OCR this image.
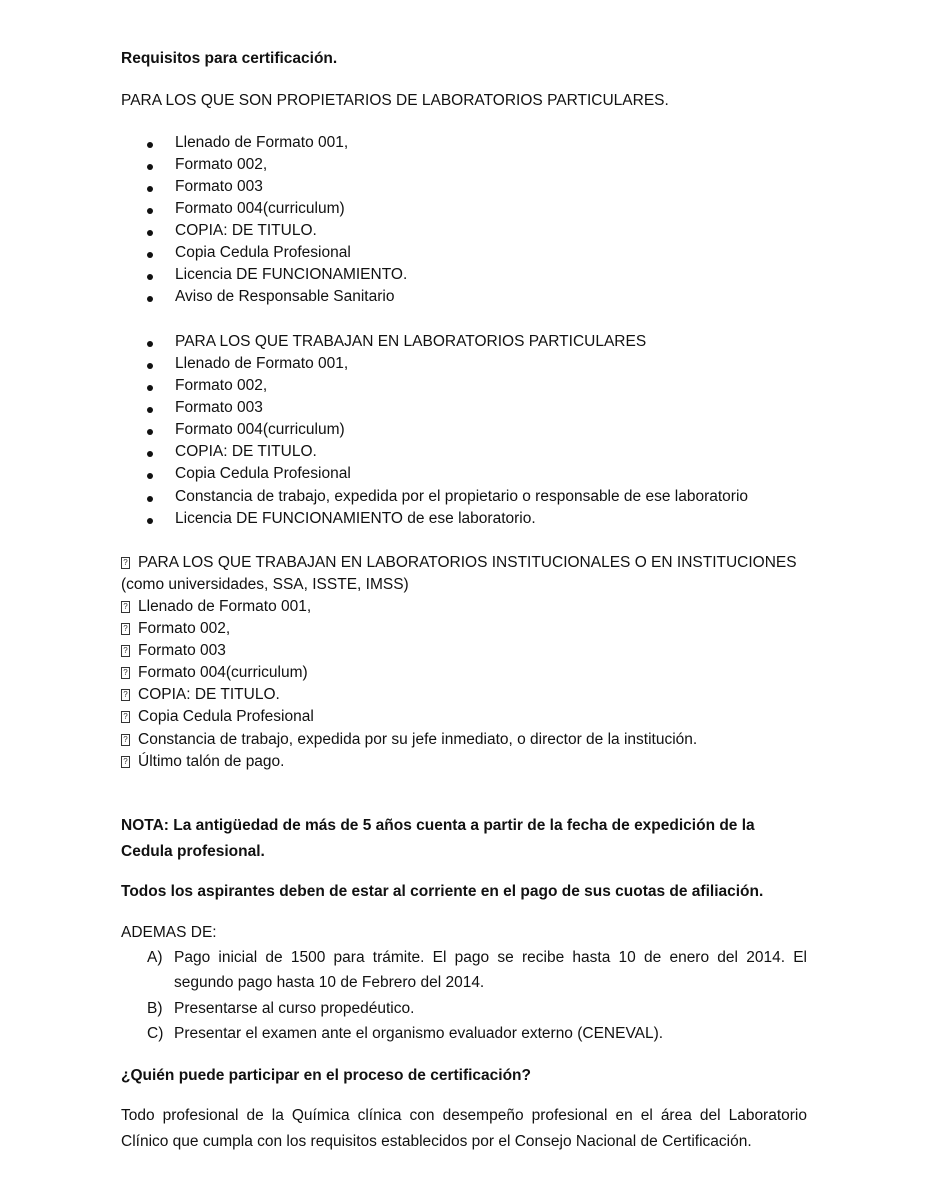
Requisitos para certificación.
PARA LOS QUE SON PROPIETARIOS DE LABORATORIOS PARTICULARES.
Llenado de Formato 001,
Formato 002,
Formato 003
Formato 004(curriculum)
COPIA: DE TITULO.
Copia Cedula Profesional
Licencia DE FUNCIONAMIENTO.
Aviso de Responsable Sanitario
PARA LOS QUE TRABAJAN EN LABORATORIOS PARTICULARES
Llenado de Formato 001,
Formato 002,
Formato 003
Formato 004(curriculum)
COPIA: DE TITULO.
Copia Cedula Profesional
Constancia de trabajo, expedida por el propietario o responsable de ese laboratorio
Licencia DE FUNCIONAMIENTO de ese laboratorio.
? PARA LOS QUE TRABAJAN EN LABORATORIOS INSTITUCIONALES O EN INSTITUCIONES
(como universidades, SSA, ISSTE, IMSS)
? Llenado de Formato 001,
? Formato 002,
? Formato 003
? Formato 004(curriculum)
? COPIA: DE TITULO.
? Copia Cedula Profesional
? Constancia de trabajo, expedida por su jefe inmediato, o director de la institución.
? Último talón de pago.
NOTA: La antigüedad de más de 5 años cuenta a partir de la fecha de expedición de la
Cedula profesional.
Todos los aspirantes deben de estar al corriente en el pago de sus cuotas de afiliación.
ADEMAS DE:
A) Pago inicial de 1500 para trámite. El pago se recibe hasta 10 de enero del 2014. El
segundo pago hasta 10 de Febrero del 2014.
B) Presentarse al curso propedéutico.
C) Presentar el examen ante el organismo evaluador externo (CENEVAL).
¿Quién puede participar en el proceso de certificación?
Todo profesional de la Química clínica con desempeño profesional en el área del Laboratorio
Clínico que cumpla con los requisitos establecidos por el Consejo Nacional de Certificación.
